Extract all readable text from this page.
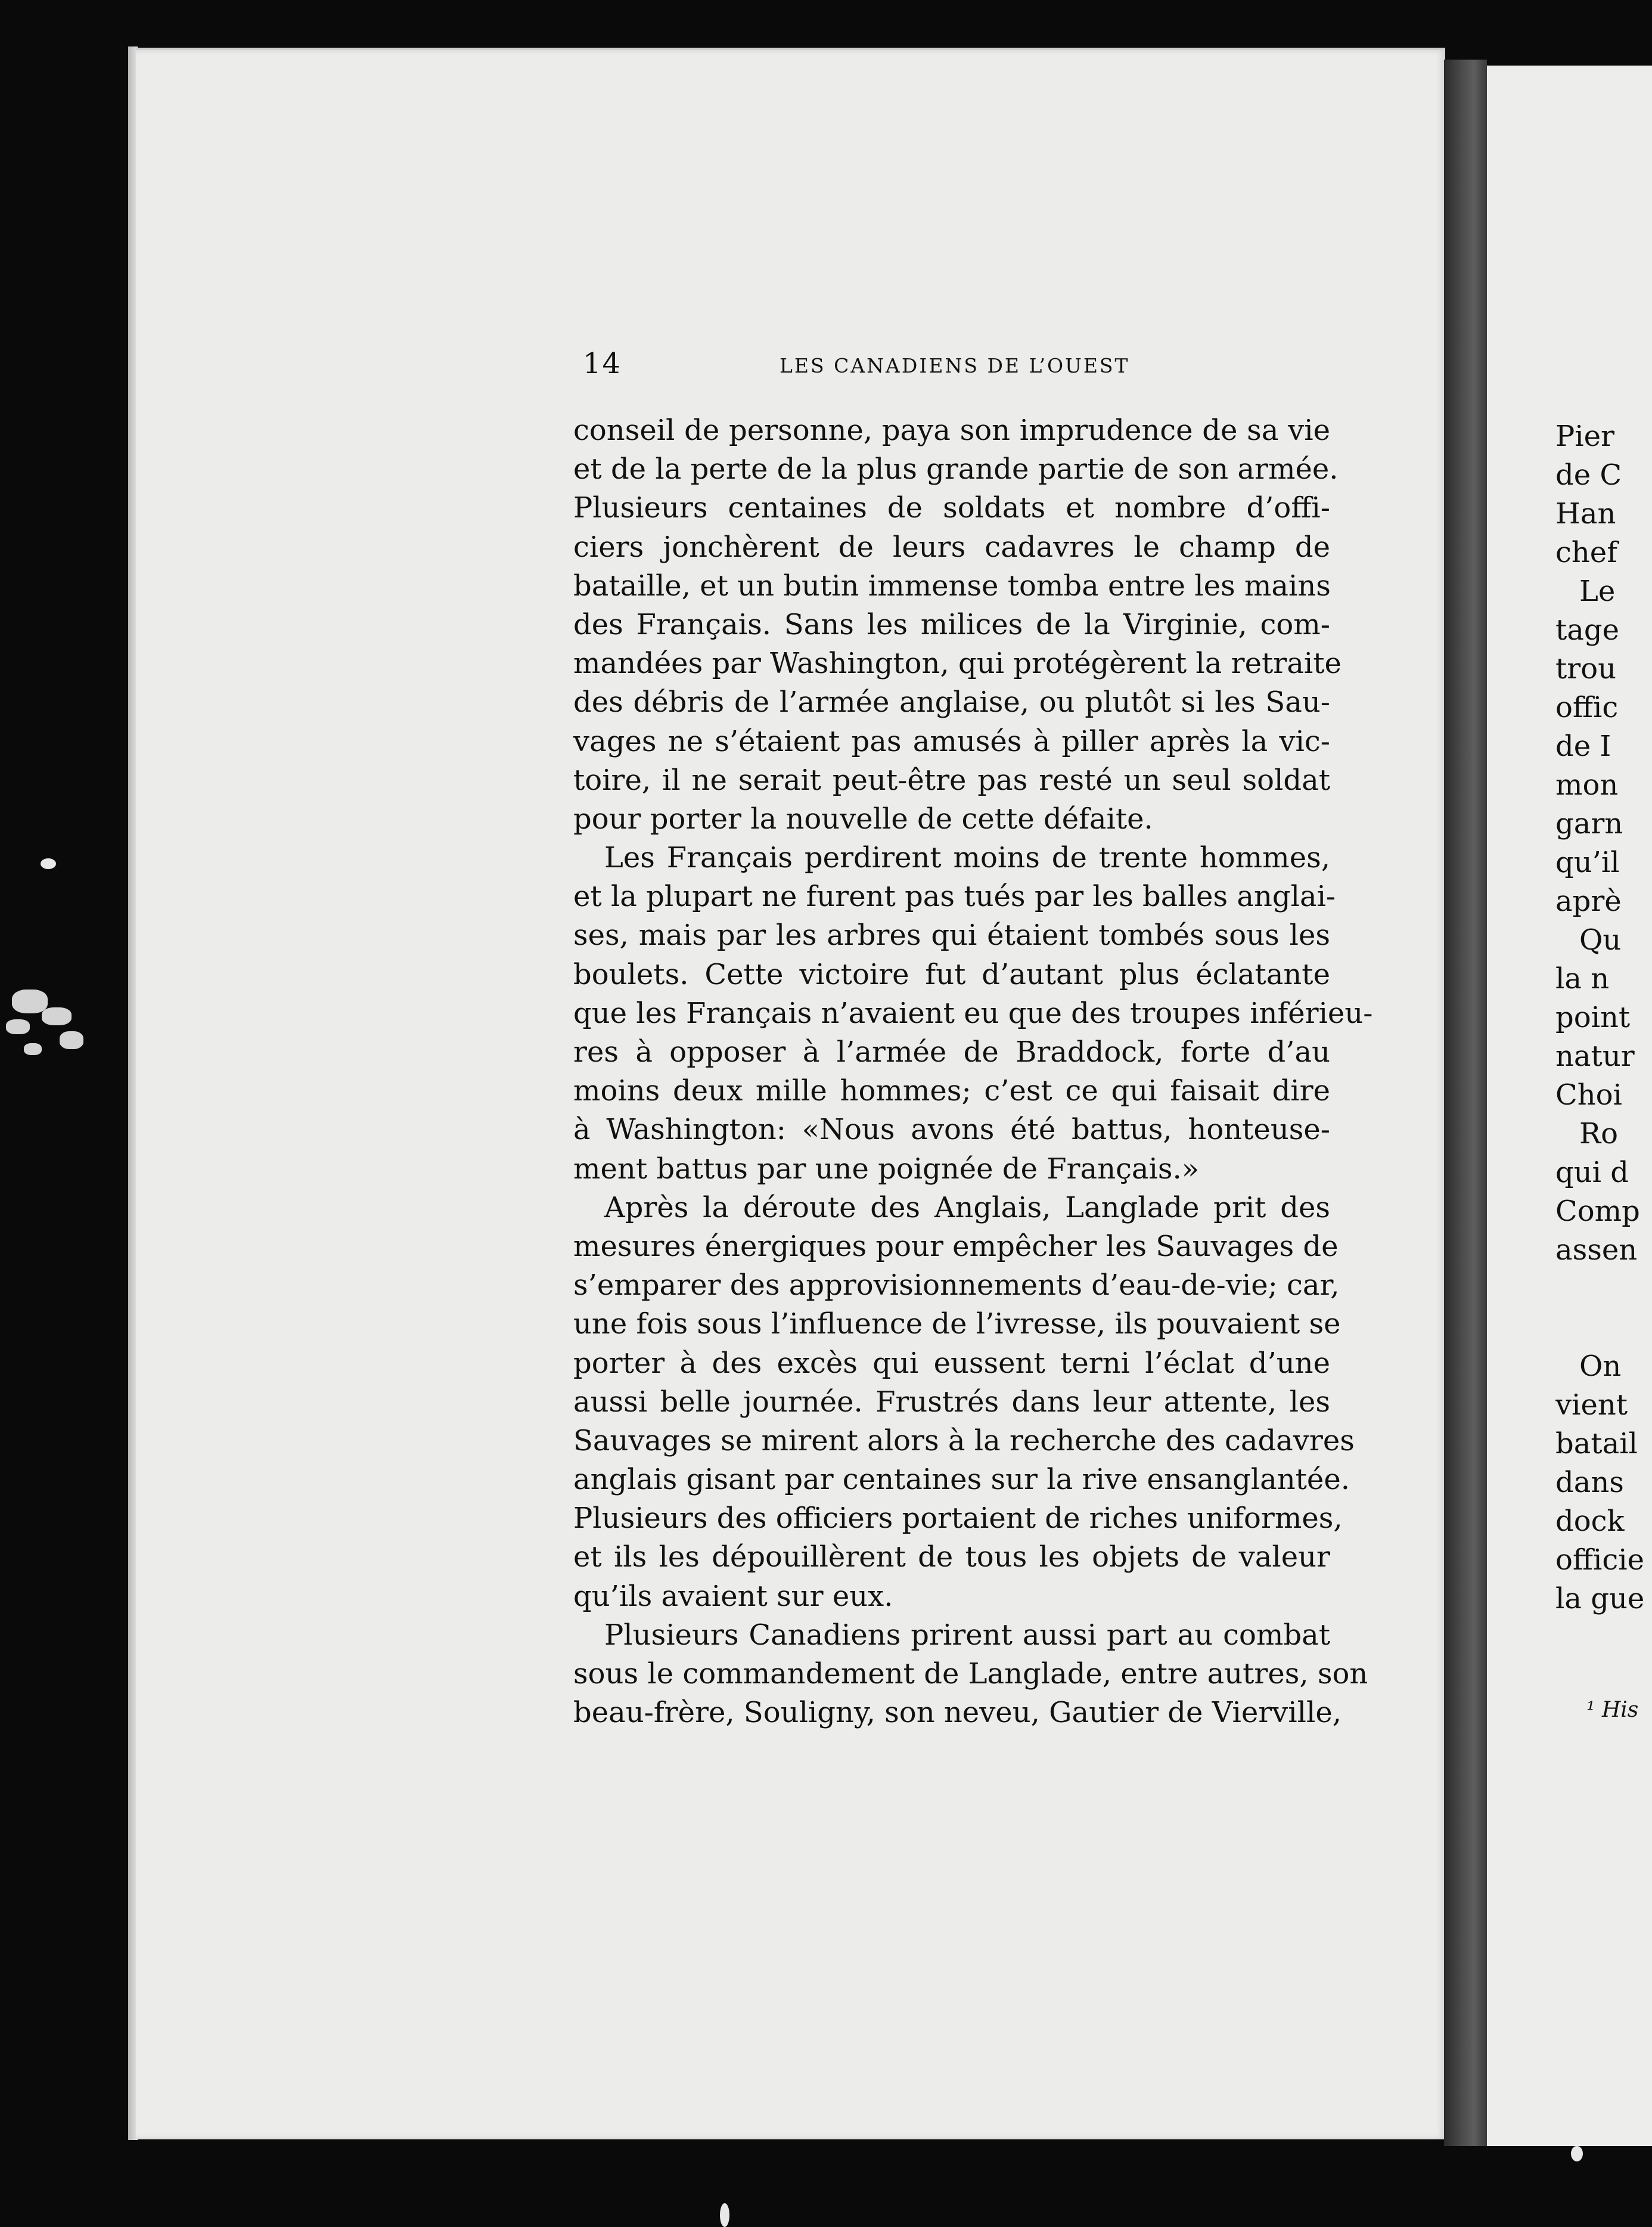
14	LES CANADIENS DE L’OUEST
conseil de personne, paya son imprudence de sa vie
et de la perte de la plus grande partie de son armée.
Plusieurs centaines de soldats et nombre d’offi-
ciers jonchèrent de leurs cadavres le champ de
bataille, et un butin immense tomba entre les mains
des Français. Sans les milices de la Virginie, com-
mandées par Washington, qui protégèrent la retraite
des débris de l’armée anglaise, ou plutôt si les Sau-
vages ne s’étaient pas amusés à piller après la vic-
toire, il ne serait peut-être pas resté un seul soldat
pour porter la nouvelle de cette défaite.
Les Français perdirent moins de trente hommes,
et la plupart ne furent pas tués par les balles anglai-
ses, mais par les arbres qui étaient tombés sous les
boulets. Cette victoire fut d’autant plus éclatante
que les Français n’avaient eu que des troupes inférieu-
res à opposer à l’armée de Braddock, forte d’au
moins deux mille hommes; c’est ce qui faisait dire
à Washington: «Nous avons été battus, honteuse-
ment battus par une poignée de Français.»
Après la déroute des Anglais, Langlade prit des
mesures énergiques pour empêcher les Sauvages de
s’emparer des approvisionnements d’eau-de-vie; car,
une fois sous l’influence de l’ivresse, ils pouvaient se
porter à des excès qui eussent terni l’éclat d’une
aussi belle journée. Frustrés dans leur attente, les
Sauvages se mirent alors à la recherche des cadavres
anglais gisant par centaines sur la rive ensanglantée.
Plusieurs des officiers portaient de riches uniformes,
et ils les dépouillèrent de tous les objets de valeur
qu’ils avaient sur eux.
Plusieurs Canadiens prirent aussi part au combat
sous le commandement de Langlade, entre autres, son
beau-frère, Souligny, son neveu, Gautier de Vierville,
Pier
de C
Han
chef
Le
tage
trou
offic
de I
mon
garn
qu’il
aprè
Qu
la n
point
natur
Choi
Ro
qui d
Comp
assen
On
vient
batail
dans
dock
officie
la gue
¹ His
